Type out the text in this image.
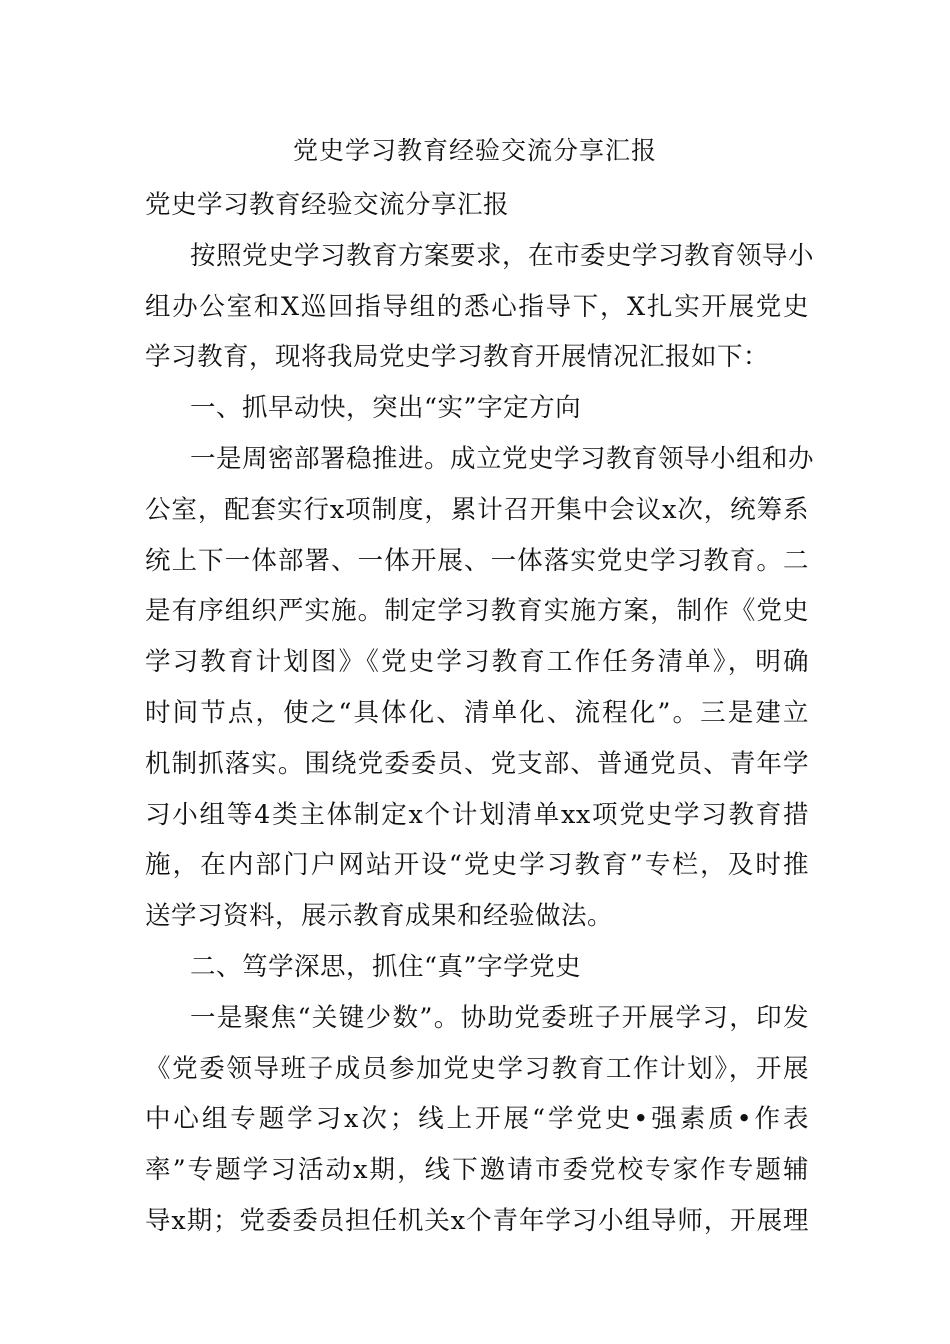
党史学习教育经验交流分享汇报
党史学习教育经验交流分享汇报
按照党史学习教育方案要求，在市委史学习教育领导小
组办公室和X巡回指导组的悉心指导下，X扎实开展党史
学习教育，现将我局党史学习教育开展情况汇报如下：
一、抓早动快，突出“实”字定方向
一是周密部署稳推进。成立党史学习教育领导小组和办
公室，配套实行x项制度，累计召开集中会议x次，统筹系
统上下一体部署、一体开展、一体落实党史学习教育。二
是有序组织严实施。制定学习教育实施方案，制作《党史
学习教育计划图》《党史学习教育工作任务清单》，明确
时间节点，使之“具体化、清单化、流程化”。三是建立
机制抓落实。围绕党委委员、党支部、普通党员、青年学
习小组等4类主体制定x个计划清单xx项党史学习教育措
施，在内部门户网站开设“党史学习教育”专栏，及时推
送学习资料，展示教育成果和经验做法。
二、笃学深思，抓住“真”字学党史
一是聚焦“关键少数”。协助党委班子开展学习，印发
《党委领导班子成员参加党史学习教育工作计划》，开展
中心组专题学习x次；线上开展“学党史•强素质•作表
率”专题学习活动x期，线下邀请市委党校专家作专题辅
导x期；党委委员担任机关x个青年学习小组导师，开展理
